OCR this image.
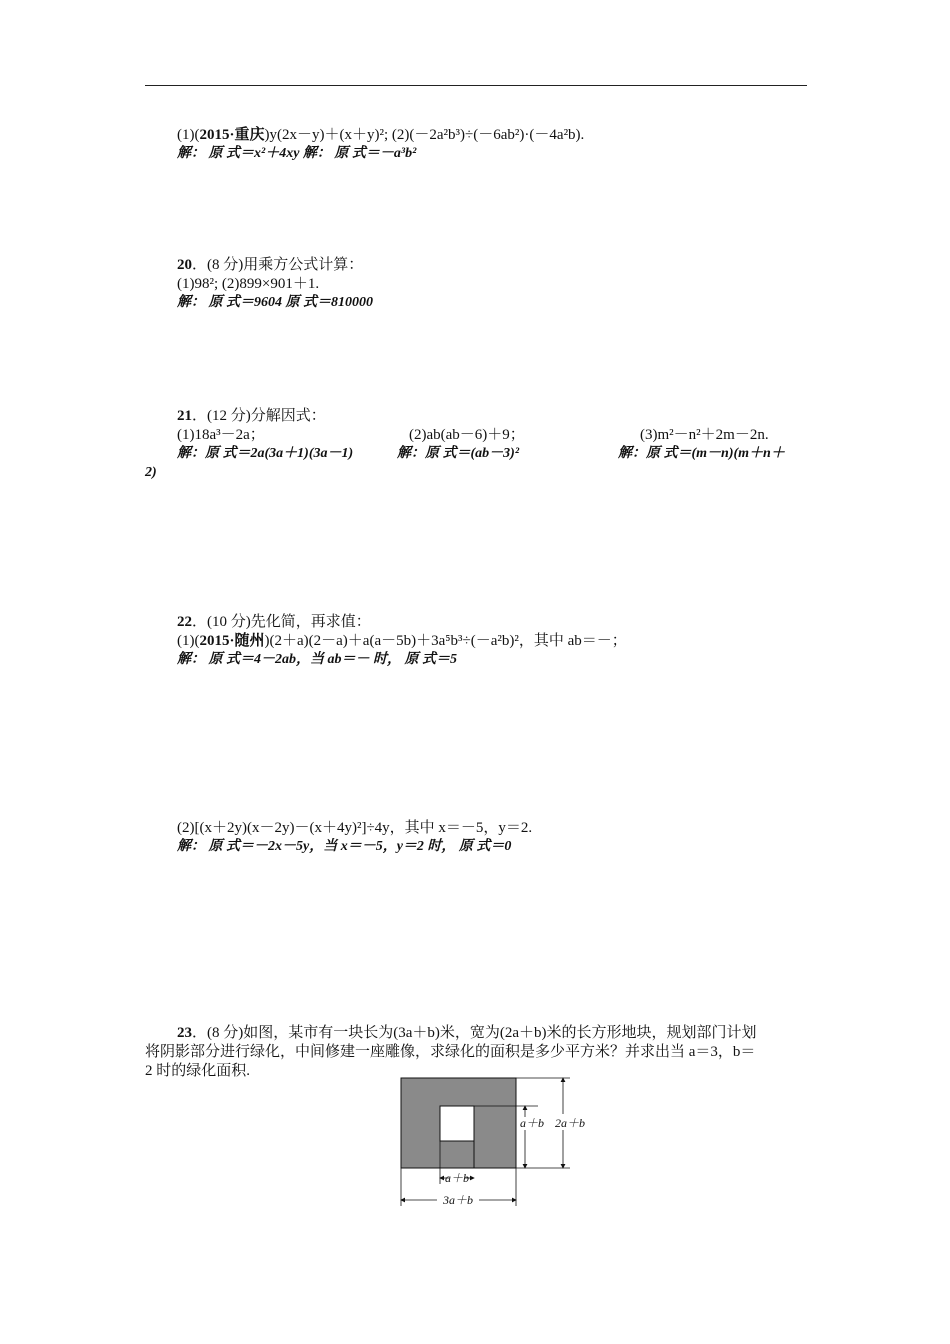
(1)(2015·重庆)y(2x－y)＋(x＋y)²; (2)(－2a²b³)÷(－6ab²)·(－4a²b).
解： 原 式＝x²＋4xy 解： 原 式＝－a³b²
20．(8 分)用乘方公式计算：
(1)98²; (2)899×901＋1.
解： 原 式＝9604 原 式＝810000
21．(12 分)分解因式：
(1)18a³－2a；	(2)ab(ab－6)＋9；	(3)m²－n²＋2m－2n.
解：原 式＝2a(3a＋1)(3a－1)	解：原 式＝(ab－3)²	解：原 式＝(m－n)(m＋n＋
2)
22．(10 分)先化简，再求值：
(1)(2015·随州)(2＋a)(2－a)＋a(a－5b)＋3a⁵b³÷(－a²b)²，其中 ab＝－；
解： 原 式＝4－2ab，当 ab＝－ 时， 原 式＝5
(2)[(x＋2y)(x－2y)－(x＋4y)²]÷4y，其中 x＝－5，y＝2.
解： 原 式＝－2x－5y，当 x＝－5，y＝2 时， 原 式＝0
23．(8 分)如图，某市有一块长为(3a＋b)米，宽为(2a＋b)米的长方形地块，规划部门计划
将阴影部分进行绿化，中间修建一座雕像，求绿化的面积是多少平方米？并求出当 a＝3，b＝
2 时的绿化面积.
a＋b 2a＋b
a＋b
3a＋b
